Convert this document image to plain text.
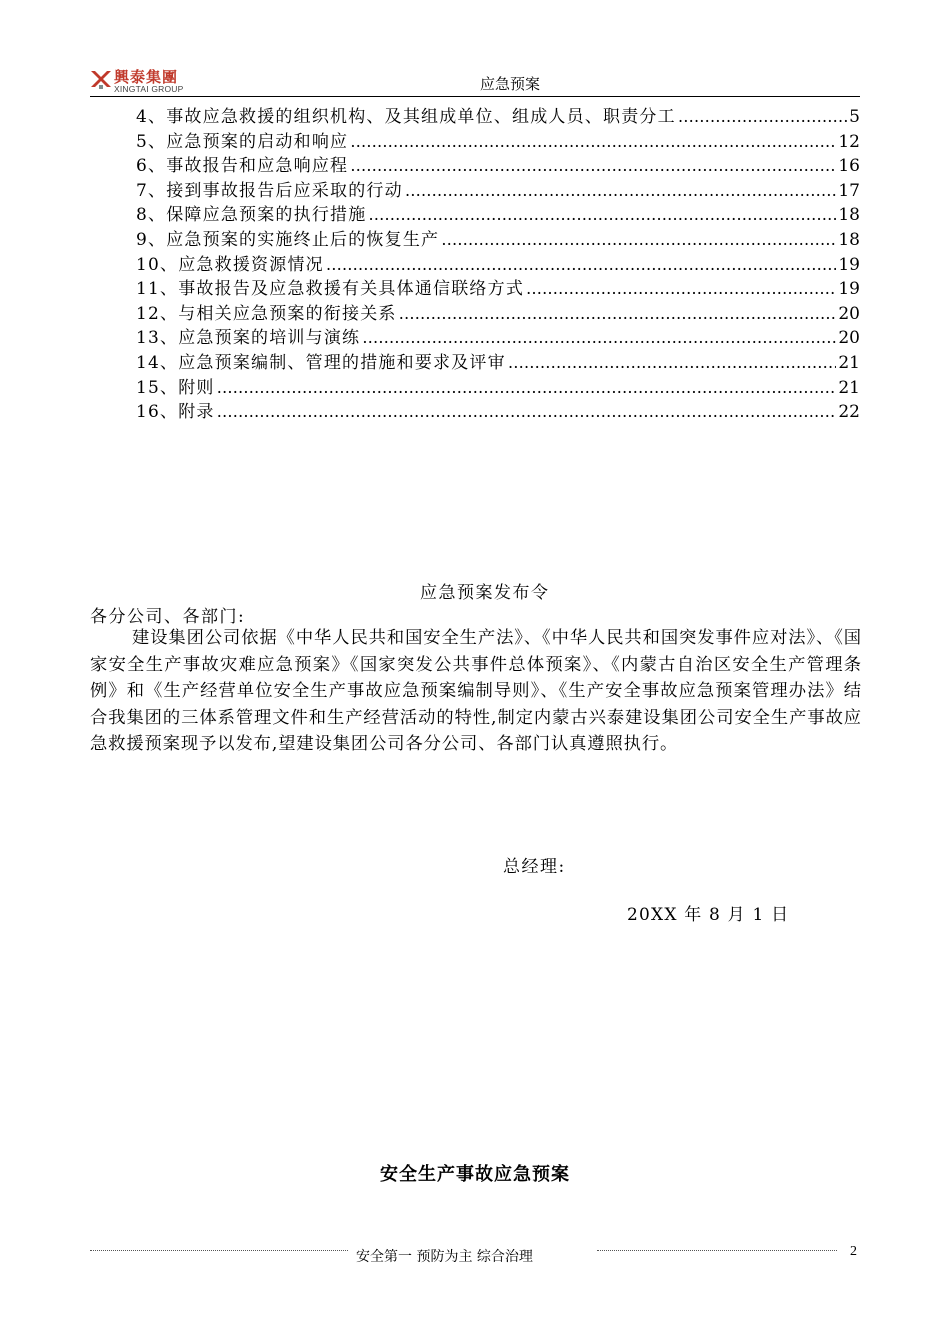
興泰集團
XINGTAI GROUP	应急预案
4、事故应急救援的组织机构、及其组成单位、组成人员、职责分工 ……………………………………………………………………………………………………………………………………………………	5
5、应急预案的启动和响应 ……………………………………………………………………………………………………………………………………………………	12
6、事故报告和应急响应程 ……………………………………………………………………………………………………………………………………………………	16
7、接到事故报告后应采取的行动 ……………………………………………………………………………………………………………………………………………………	17
8、保障应急预案的执行措施 ……………………………………………………………………………………………………………………………………………………	18
9、应急预案的实施终止后的恢复生产 ……………………………………………………………………………………………………………………………………………………	18
10、应急救援资源情况 ……………………………………………………………………………………………………………………………………………………	19
11、事故报告及应急救援有关具体通信联络方式 ……………………………………………………………………………………………………………………………………………………	19
12、与相关应急预案的衔接关系 ……………………………………………………………………………………………………………………………………………………	20
13、应急预案的培训与演练 ……………………………………………………………………………………………………………………………………………………	20
14、应急预案编制、管理的措施和要求及评审 ……………………………………………………………………………………………………………………………………………………	21
15、附则 ……………………………………………………………………………………………………………………………………………………	21
16、附录 ……………………………………………………………………………………………………………………………………………………	22
应急预案发布令
各分公司、各部门:

建设集团公司依据《中华人民共和国安全生产法》、《中华人民共和国突发事件应对法》、《国家安全生产事故灾难应急预案》《国家突发公共事件总体预案》、《内蒙古自治区安全生产管理条例》和《生产经营单位安全生产事故应急预案编制导则》、《生产安全事故应急预案管理办法》结合我集团的三体系管理文件和生产经营活动的特性,制定内蒙古兴泰建设集团公司安全生产事故应急救援预案现予以发布,望建设集团公司各分公司、各部门认真遵照执行。

总经理:
20XX 年 8 月 1 日
安全生产事故应急预案
安全第一 预防为主 综合治理	2
